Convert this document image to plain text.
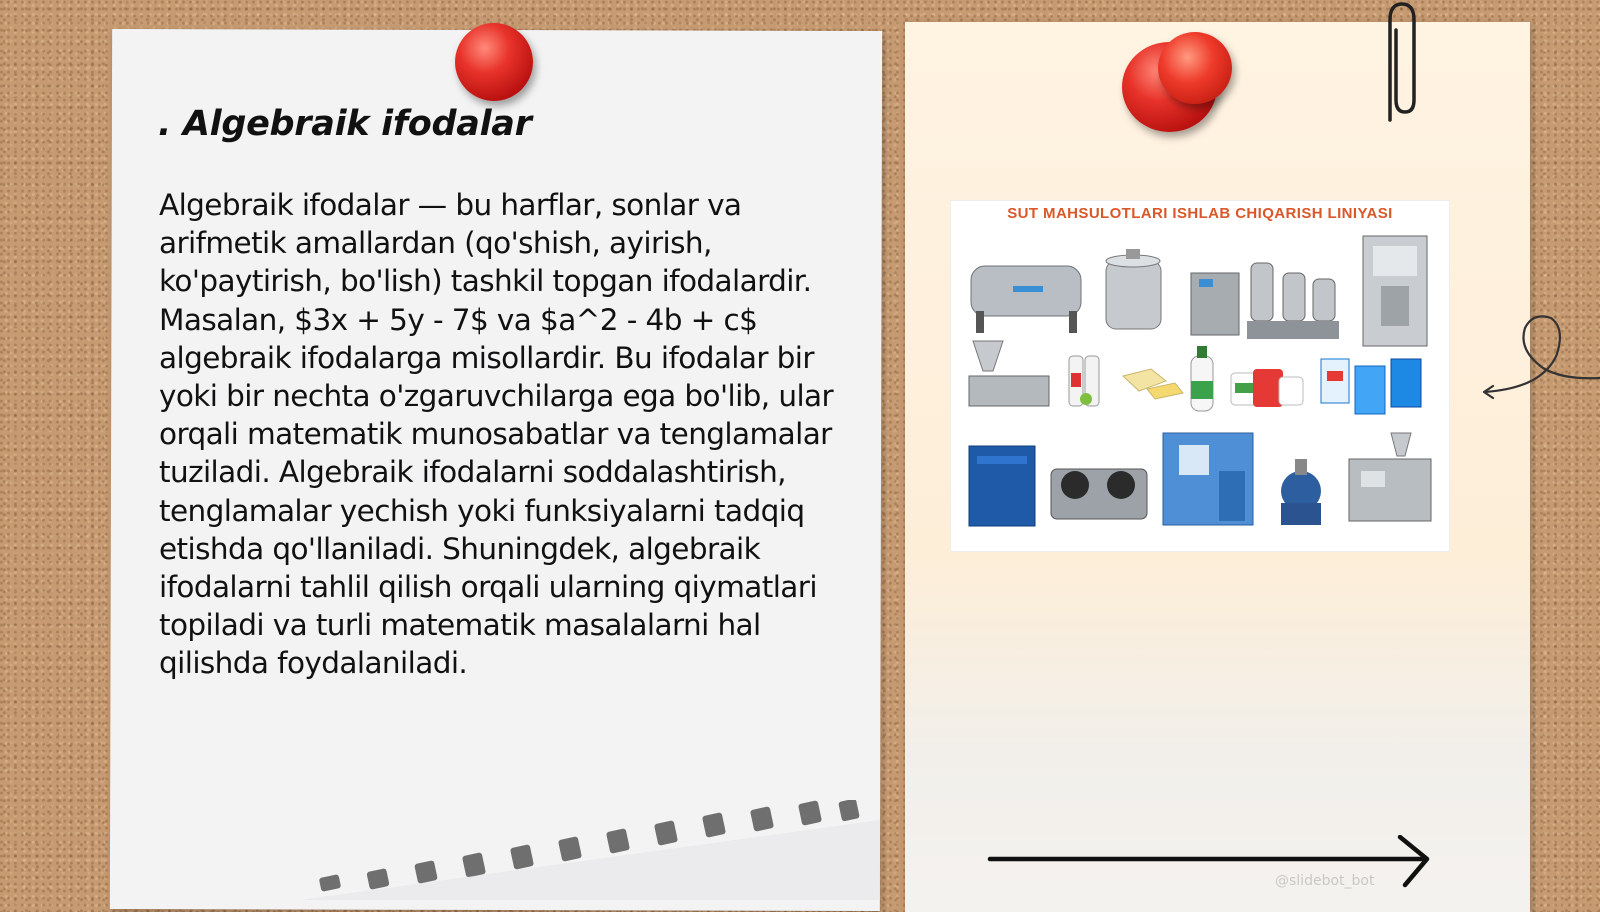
. Algebraik ifodalar

Algebraik ifodalar — bu harflar, sonlar va arifmetik amallardan (qo'shish, ayirish, ko'paytirish, bo'lish) tashkil topgan ifodalardir. Masalan, $3x + 5y - 7$ va $a^2 - 4b + c$ algebraik ifodalarga misollardir. Bu ifodalar bir yoki bir nechta o'zgaruvchilarga ega bo'lib, ular orqali matematik munosabatlar va tenglamalar tuziladi. Algebraik ifodalarni soddalashtirish, tenglamalar yechish yoki funksiyalarni tadqiq etishda qo'llaniladi. Shuningdek, algebraik ifodalarni tahlil qilish orqali ularning qiymatlari topiladi va turli matematik masalalarni hal qilishda foydalaniladi.

SUT MAHSULOTLARI ISHLAB CHIQARISH LINIYASI
@slidebot_bot
